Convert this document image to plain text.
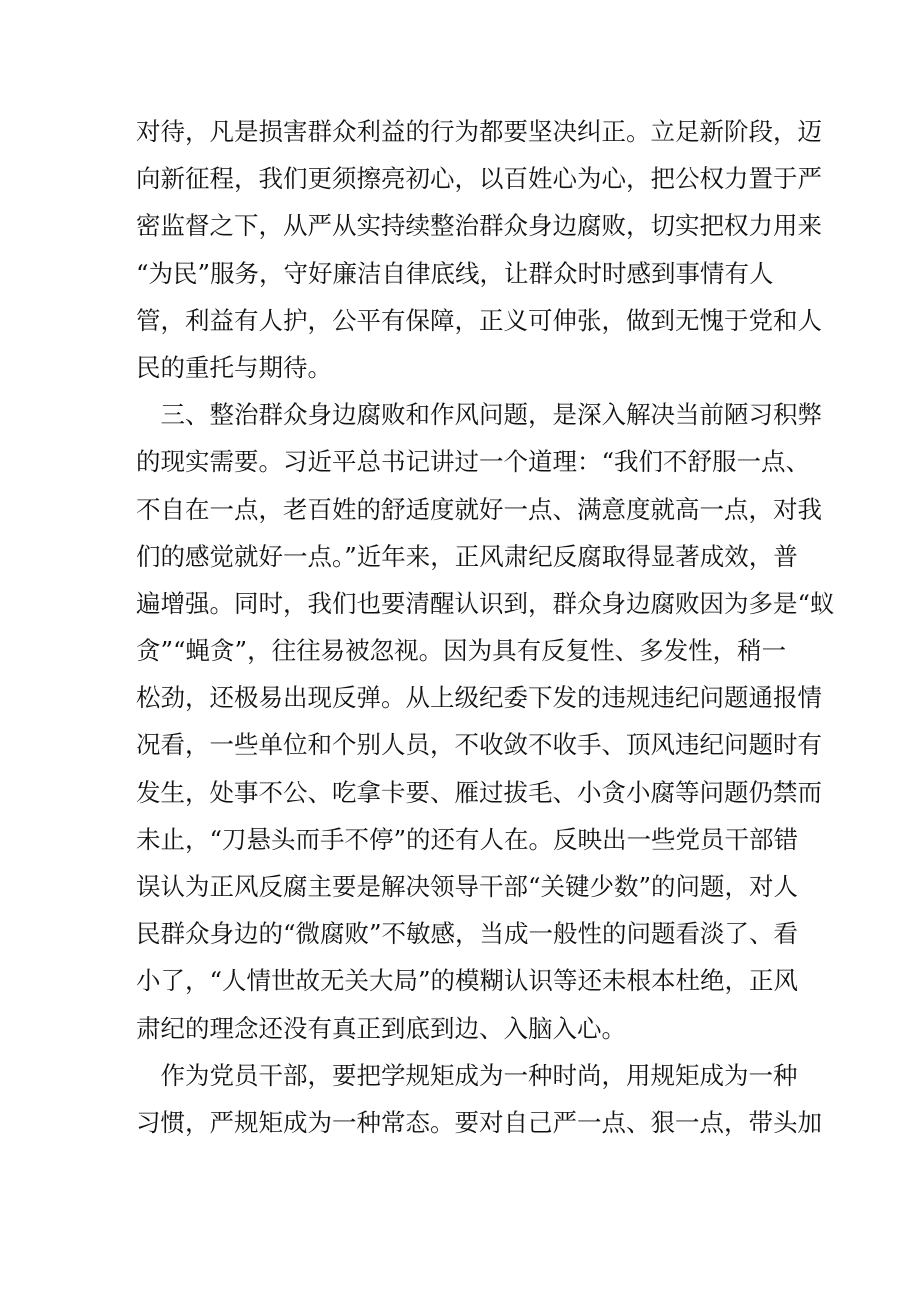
对待，凡是损害群众利益的行为都要坚决纠正。立足新阶段，迈
向新征程，我们更须擦亮初心，以百姓心为心，把公权力置于严
密监督之下，从严从实持续整治群众身边腐败，切实把权力用来
“为民”服务，守好廉洁自律底线，让群众时时感到事情有人
管，利益有人护，公平有保障，正义可伸张，做到无愧于党和人
民的重托与期待。
　三、整治群众身边腐败和作风问题，是深入解决当前陋习积弊
的现实需要。习近平总书记讲过一个道理：“我们不舒服一点、
不自在一点，老百姓的舒适度就好一点、满意度就高一点，对我
们的感觉就好一点。”近年来，正风肃纪反腐取得显著成效，普
遍增强。同时，我们也要清醒认识到，群众身边腐败因为多是“蚁
贪”“蝇贪”，往往易被忽视。因为具有反复性、多发性，稍一
松劲，还极易出现反弹。从上级纪委下发的违规违纪问题通报情
况看，一些单位和个别人员，不收敛不收手、顶风违纪问题时有
发生，处事不公、吃拿卡要、雁过拔毛、小贪小腐等问题仍禁而
未止，“刀悬头而手不停”的还有人在。反映出一些党员干部错
误认为正风反腐主要是解决领导干部“关键少数”的问题，对人
民群众身边的“微腐败”不敏感，当成一般性的问题看淡了、看
小了，“人情世故无关大局”的模糊认识等还未根本杜绝，正风
肃纪的理念还没有真正到底到边、入脑入心。
　作为党员干部，要把学规矩成为一种时尚，用规矩成为一种
习惯，严规矩成为一种常态。要对自己严一点、狠一点，带头加
